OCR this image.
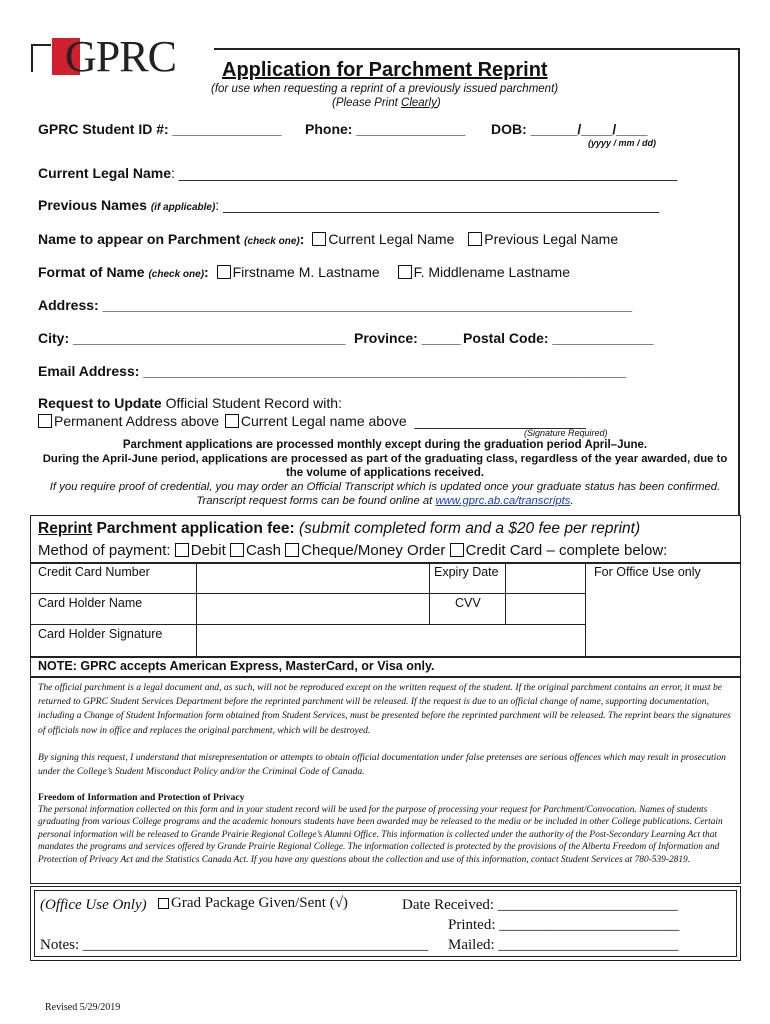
GPRC Application for Parchment Reprint
(for use when requesting a reprint of a previously issued parchment)
(Please Print Clearly)
GPRC Student ID #: ______________ Phone: ______________ DOB: ______/____/____
(yyyy / mm / dd)
Current Legal Name: ________________________________________________________________
Previous Names (if applicable): ________________________________________________________
Name to appear on Parchment (check one): Current Legal Name Previous Legal Name
Format of Name (check one): Firstname M. Lastname F. Middlename Lastname
Address: ____________________________________________________________________
City: ___________________________________ Province: _____ Postal Code: _____________
Email Address: ______________________________________________________________
Request to Update Official Student Record with:
Permanent Address above Current Legal name above ______________________
(Signature Required)
Parchment applications are processed monthly except during the graduation period April–June.
During the April-June period, applications are processed as part of the graduating class, regardless of the year awarded, due to
the volume of applications received.
If you require proof of credential, you may order an Official Transcript which is updated once your graduate status has been confirmed.
Transcript request forms can be found online at www.gprc.ab.ca/transcripts.
Reprint Parchment application fee: (submit completed form and a $20 fee per reprint)
Method of payment: Debit Cash Cheque/Money Order Credit Card – complete below:
Credit Card Number	Expiry Date	For Office Use only
Card Holder Name	CVV
Card Holder Signature
NOTE: GPRC accepts American Express, MasterCard, or Visa only.
The official parchment is a legal document and, as such, will not be reproduced except on the written request of the student. If the original parchment contains an error, it must be returned to GPRC Student Services Department before the reprinted parchment will be released. If the request is due to an official change of name, supporting documentation, including a Change of Student Information form obtained from Student Services, must be presented before the reprinted parchment will be released. The reprint bears the signatures of officials now in office and replaces the original parchment, which will be destroyed.
By signing this request, I understand that misrepresentation or attempts to obtain official documentation under false pretenses are serious offences which may result in prosecution under the College’s Student Misconduct Policy and/or the Criminal Code of Canada.
Freedom of Information and Protection of Privacy
The personal information collected on this form and in your student record will be used for the purpose of processing your request for Parchment/Convocation. Names of students graduating from various College programs and the academic honours students have been awarded may be released to the media or be included in other College publications. Certain personal information will be released to Grande Prairie Regional College’s Alumni Office. This information is collected under the authority of the Post-Secondary Learning Act that mandates the programs and services offered by Grande Prairie Regional College. The information collected is protected by the provisions of the Alberta Freedom of Information and Protection of Privacy Act and the Statistics Canada Act. If you have any questions about the collection and use of this information, contact Student Services at 780-539-2819.
(Office Use Only)	Grad Package Given/Sent (√)	Date Received: ________________________
Printed: ________________________
Notes: ______________________________________________ Mailed: ________________________
Revised 5/29/2019
